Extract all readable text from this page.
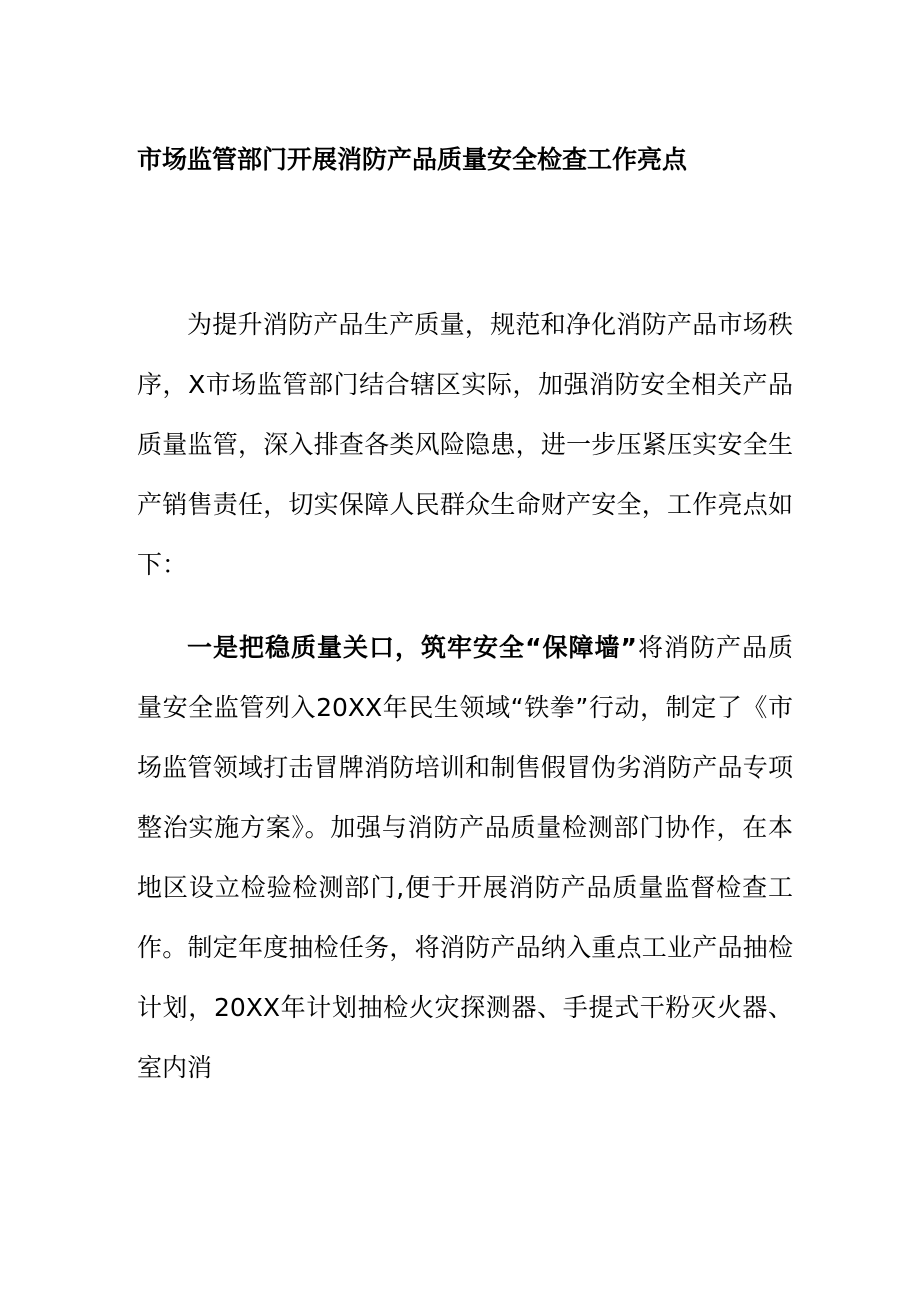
市场监管部门开展消防产品质量安全检查工作亮点

为提升消防产品生产质量，规范和净化消防产品市场秩序，X市场监管部门结合辖区实际，加强消防安全相关产品质量监管，深入排查各类风险隐患，进一步压紧压实安全生产销售责任，切实保障人民群众生命财产安全，工作亮点如下：

一是把稳质量关口，筑牢安全“保障墙”将消防产品质量安全监管列入20XX年民生领域“铁拳”行动，制定了《市场监管领域打击冒牌消防培训和制售假冒伪劣消防产品专项整治实施方案》。加强与消防产品质量检测部门协作，在本地区设立检验检测部门,便于开展消防产品质量监督检查工作。制定年度抽检任务，将消防产品纳入重点工业产品抽检计划，20XX年计划抽检火灾探测器、手提式干粉灭火器、室内消
